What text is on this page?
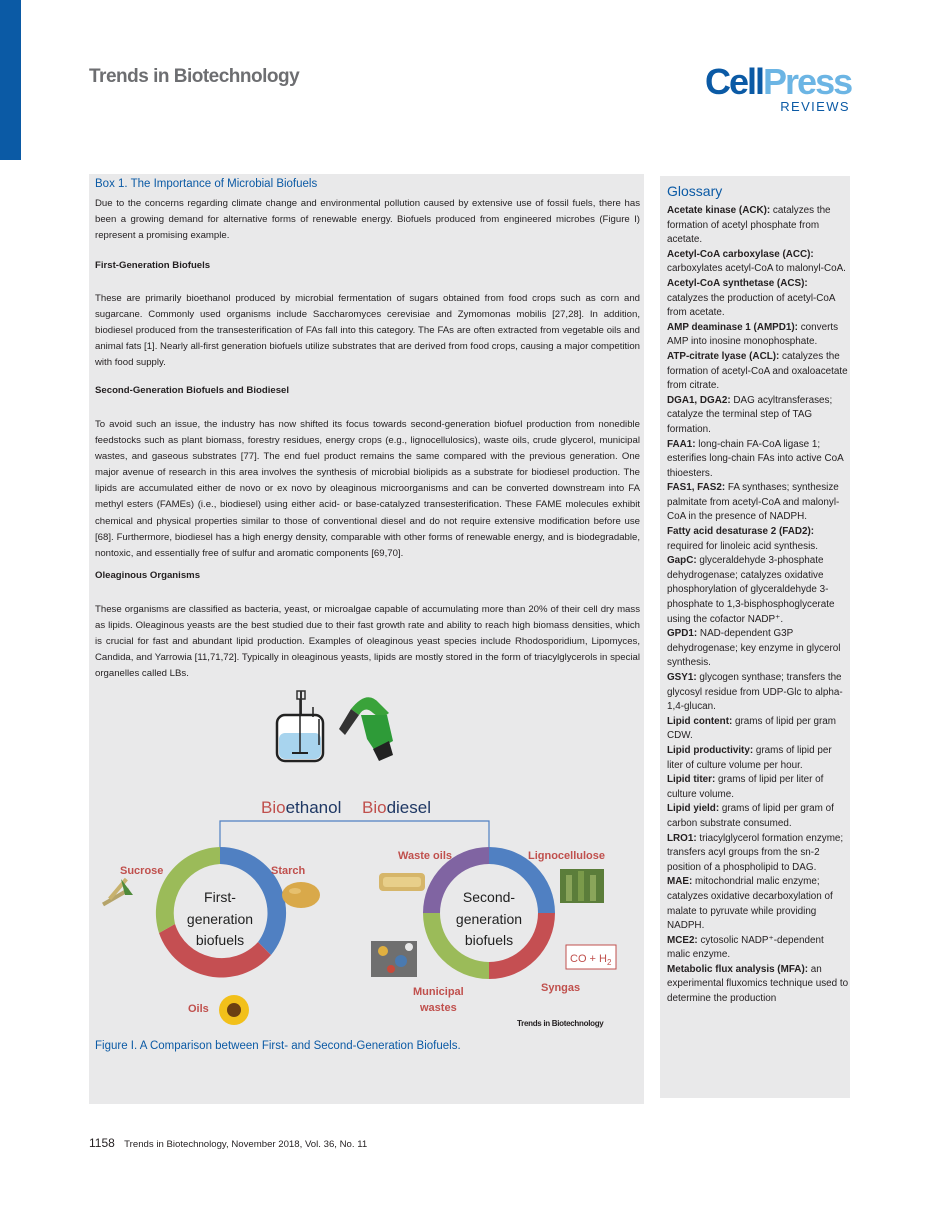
Trends in Biotechnology	CellPress
REVIEWS
Box 1. The Importance of Microbial Biofuels
Due to the concerns regarding climate change and environmental pollution caused by extensive use of fossil fuels, there has been a growing demand for alternative forms of renewable energy. Biofuels produced from engineered microbes (Figure I) represent a promising example.
First-Generation Biofuels
These are primarily bioethanol produced by microbial fermentation of sugars obtained from food crops such as corn and sugarcane. Commonly used organisms include Saccharomyces cerevisiae and Zymomonas mobilis [27,28]. In addition, biodiesel produced from the transesterification of FAs fall into this category. The FAs are often extracted from vegetable oils and animal fats [1]. Nearly all-first generation biofuels utilize substrates that are derived from food crops, causing a major competition with food supply.
Second-Generation Biofuels and Biodiesel
To avoid such an issue, the industry has now shifted its focus towards second-generation biofuel production from nonedible feedstocks such as plant biomass, forestry residues, energy crops (e.g., lignocellulosics), waste oils, crude glycerol, municipal wastes, and gaseous substrates [77]. The end fuel product remains the same compared with the previous generation. One major avenue of research in this area involves the synthesis of microbial biolipids as a substrate for biodiesel production. The lipids are accumulated either de novo or ex novo by oleaginous microorganisms and can be converted downstream into FA methyl esters (FAMEs) (i.e., biodiesel) using either acid- or base-catalyzed transesterification. These FAME molecules exhibit chemical and physical properties similar to those of conventional diesel and do not require extensive modification before use [68]. Furthermore, biodiesel has a high energy density, comparable with other forms of renewable energy, and is biodegradable, nontoxic, and essentially free of sulfur and aromatic components [69,70].
Oleaginous Organisms
These organisms are classified as bacteria, yeast, or microalgae capable of accumulating more than 20% of their cell dry mass as lipids. Oleaginous yeasts are the best studied due to their fast growth rate and ability to reach high biomass densities, which is crucial for fast and abundant lipid production. Examples of oleaginous yeast species include Rhodosporidium, Lipomyces, Candida, and Yarrowia [11,71,72]. Typically in oleaginous yeasts, lipids are mostly stored in the form of triacylglycerols in special organelles called LBs.
Bioethanol Biodiesel
First-
generation
biofuels
Second-
generation
biofuels
Sucrose	Starch
Oils
Waste oils	Lignocellulose
Municipal
wastes
CO + $H_2$
Syngas
Trends in Biotechnology
Figure I. A Comparison between First- and Second-Generation Biofuels.
Glossary
Acetate kinase (ACK): catalyzes the formation of acetyl phosphate from acetate.
Acetyl-CoA carboxylase (ACC): carboxylates acetyl-CoA to malonyl-CoA.
Acetyl-CoA synthetase (ACS): catalyzes the production of acetyl-CoA from acetate.
AMP deaminase 1 (AMPD1): converts AMP into inosine monophosphate.
ATP-citrate lyase (ACL): catalyzes the formation of acetyl-CoA and oxaloacetate from citrate.
DGA1, DGA2: DAG acyltransferases; catalyze the terminal step of TAG formation.
FAA1: long-chain FA-CoA ligase 1; esterifies long-chain FAs into active CoA thioesters.
FAS1, FAS2: FA synthases; synthesize palmitate from acetyl-CoA and malonyl-CoA in the presence of NADPH.
Fatty acid desaturase 2 (FAD2): required for linoleic acid synthesis.
GapC: glyceraldehyde 3-phosphate dehydrogenase; catalyzes oxidative phosphorylation of glyceraldehyde 3-phosphate to 1,3-bisphosphoglycerate using the cofactor NADP⁺.
GPD1: NAD-dependent G3P dehydrogenase; key enzyme in glycerol synthesis.
GSY1: glycogen synthase; transfers the glycosyl residue from UDP-Glc to alpha-1,4-glucan.
Lipid content: grams of lipid per gram CDW.
Lipid productivity: grams of lipid per liter of culture volume per hour.
Lipid titer: grams of lipid per liter of culture volume.
Lipid yield: grams of lipid per gram of carbon substrate consumed.
LRO1: triacylglycerol formation enzyme; transfers acyl groups from the sn-2 position of a phospholipid to DAG.
MAE: mitochondrial malic enzyme; catalyzes oxidative decarboxylation of malate to pyruvate while providing NADPH.
MCE2: cytosolic NADP⁺-dependent malic enzyme.
Metabolic flux analysis (MFA): an experimental fluxomics technique used to determine the production
1158 Trends in Biotechnology, November 2018, Vol. 36, No. 11
